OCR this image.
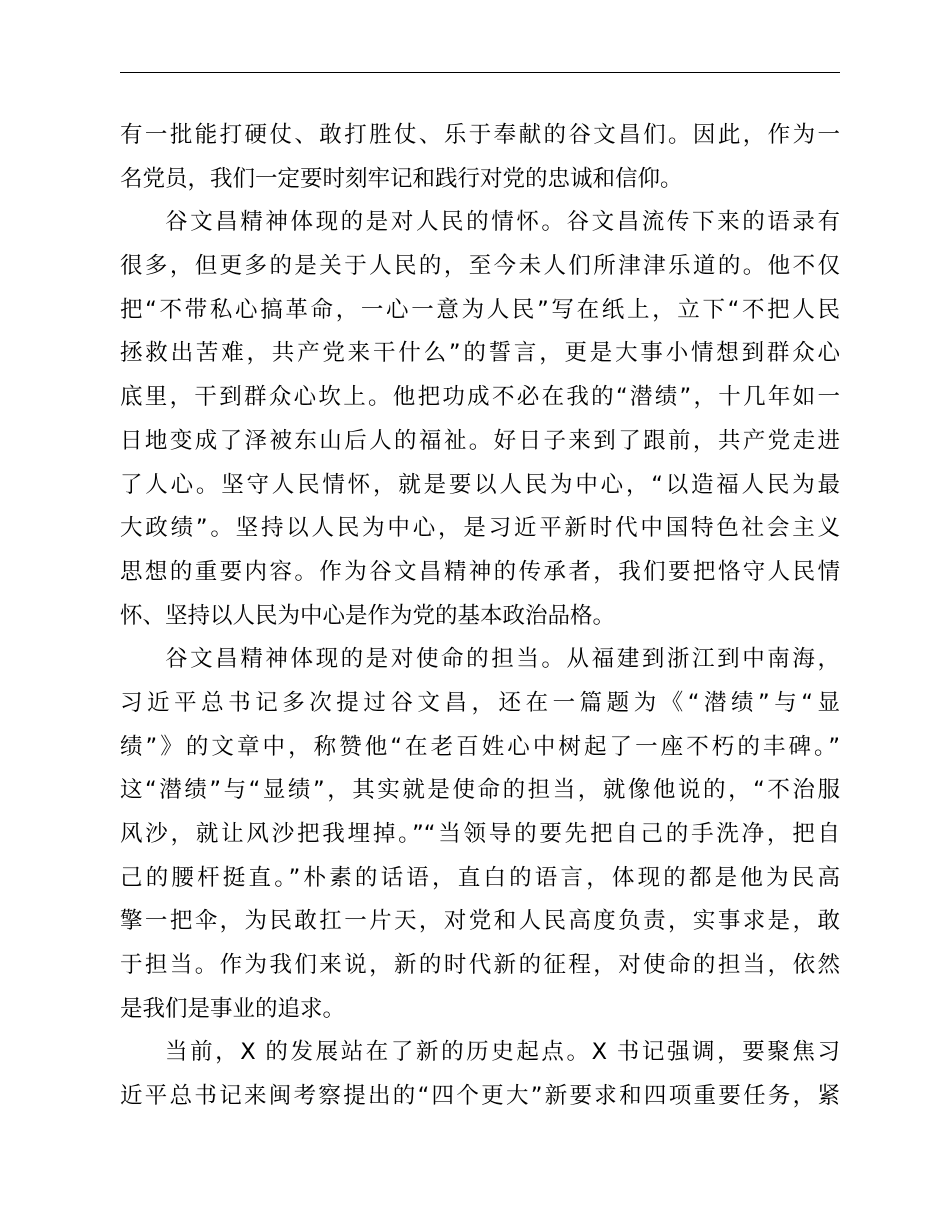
有一批能打硬仗、敢打胜仗、乐于奉献的谷文昌们。因此，作为一
名党员，我们一定要时刻牢记和践行对党的忠诚和信仰。
谷文昌精神体现的是对人民的情怀。谷文昌流传下来的语录有
很多，但更多的是关于人民的，至今未人们所津津乐道的。他不仅
把“不带私心搞革命，一心一意为人民”写在纸上，立下“不把人民
拯救出苦难，共产党来干什么”的誓言，更是大事小情想到群众心
底里，干到群众心坎上。他把功成不必在我的“潜绩”，十几年如一
日地变成了泽被东山后人的福祉。好日子来到了跟前，共产党走进
了人心。坚守人民情怀，就是要以人民为中心，“以造福人民为最
大政绩”。坚持以人民为中心，是习近平新时代中国特色社会主义
思想的重要内容。作为谷文昌精神的传承者，我们要把恪守人民情
怀、坚持以人民为中心是作为党的基本政治品格。
谷文昌精神体现的是对使命的担当。从福建到浙江到中南海，
习近平总书记多次提过谷文昌，还在一篇题为《“潜绩”与“显
绩”》的文章中，称赞他“在老百姓心中树起了一座不朽的丰碑。”
这“潜绩”与“显绩”，其实就是使命的担当，就像他说的，“不治服
风沙，就让风沙把我埋掉。”“当领导的要先把自己的手洗净，把自
己的腰杆挺直。”朴素的话语，直白的语言，体现的都是他为民高
擎一把伞，为民敢扛一片天，对党和人民高度负责，实事求是，敢
于担当。作为我们来说，新的时代新的征程，对使命的担当，依然
是我们是事业的追求。
当前，X 的发展站在了新的历史起点。X 书记强调，要聚焦习
近平总书记来闽考察提出的“四个更大”新要求和四项重要任务，紧
